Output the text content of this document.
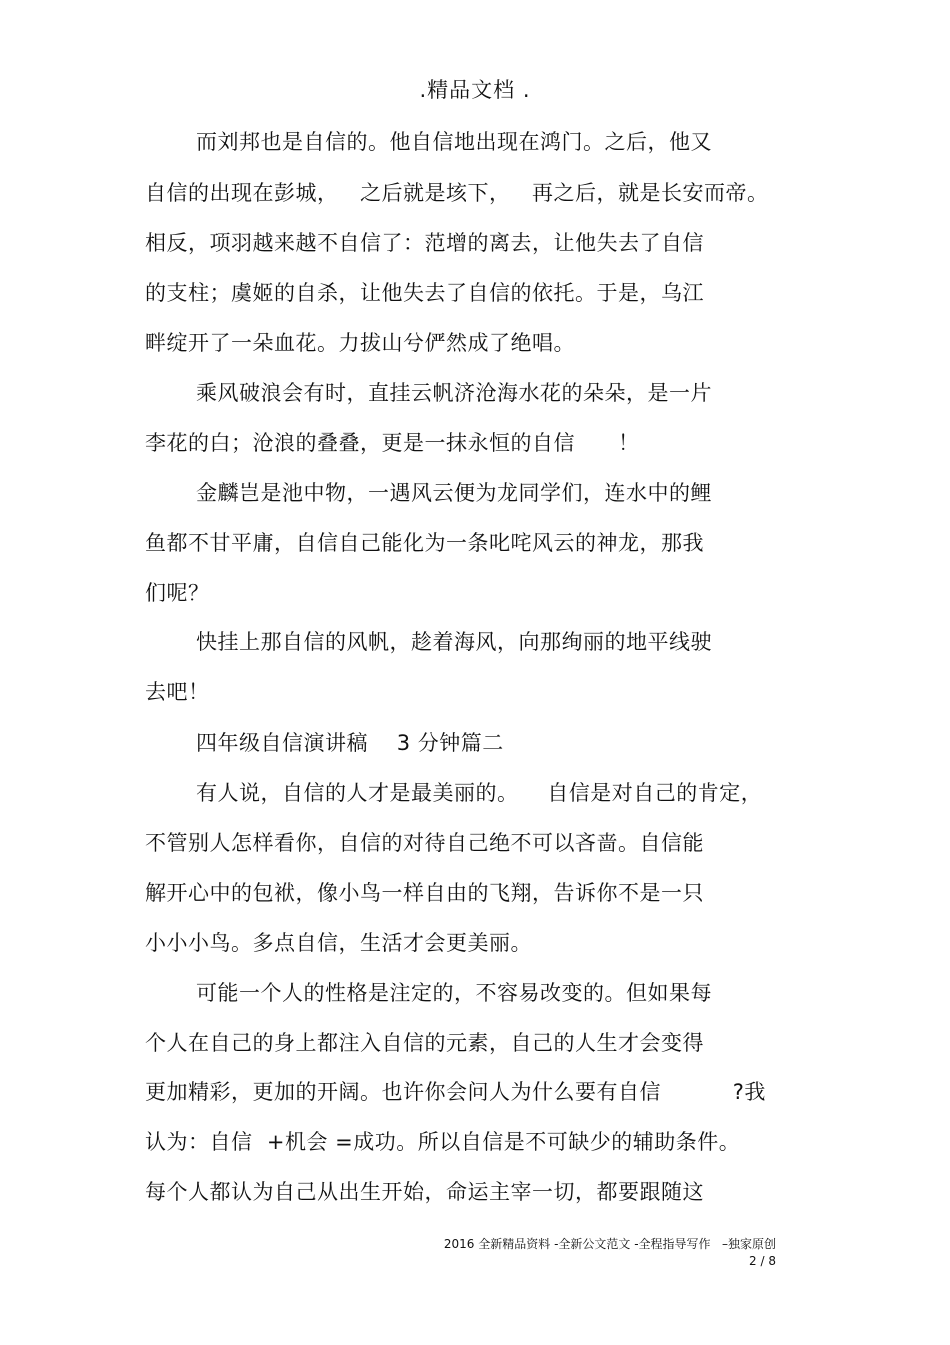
.精品文档 .
而刘邦也是自信的。他自信地出现在鸿门。之后，他又
自信的出现在彭城，   之后就是垓下，   再之后，就是长安而帝。
相反，项羽越来越不自信了：范增的离去，让他失去了自信
的支柱；虞姬的自杀，让他失去了自信的依托。于是，乌江
畔绽开了一朵血花。力拔山兮俨然成了绝唱。
乘风破浪会有时，直挂云帆济沧海水花的朵朵，是一片
李花的白；沧浪的叠叠，更是一抹永恒的自信      ！
金麟岂是池中物，一遇风云便为龙同学们，连水中的鲤
鱼都不甘平庸，自信自己能化为一条叱咤风云的神龙，那我
们呢？
快挂上那自信的风帆，趁着海风，向那绚丽的地平线驶
去吧！
四年级自信演讲稿    3 分钟篇二
有人说，自信的人才是最美丽的。    自信是对自己的肯定，
不管别人怎样看你，自信的对待自己绝不可以吝啬。自信能
解开心中的包袱，像小鸟一样自由的飞翔，告诉你不是一只
小小小鸟。多点自信，生活才会更美丽。
可能一个人的性格是注定的，不容易改变的。但如果每
个人在自己的身上都注入自信的元素，自己的人生才会变得
更加精彩，更加的开阔。也许你会问人为什么要有自信          ?我
认为：自信  +机会 =成功。所以自信是不可缺少的辅助条件。
每个人都认为自己从出生开始，命运主宰一切，都要跟随这
2016 全新精品资料 -全新公文范文 -全程指导写作   –独家原创
2 / 8
